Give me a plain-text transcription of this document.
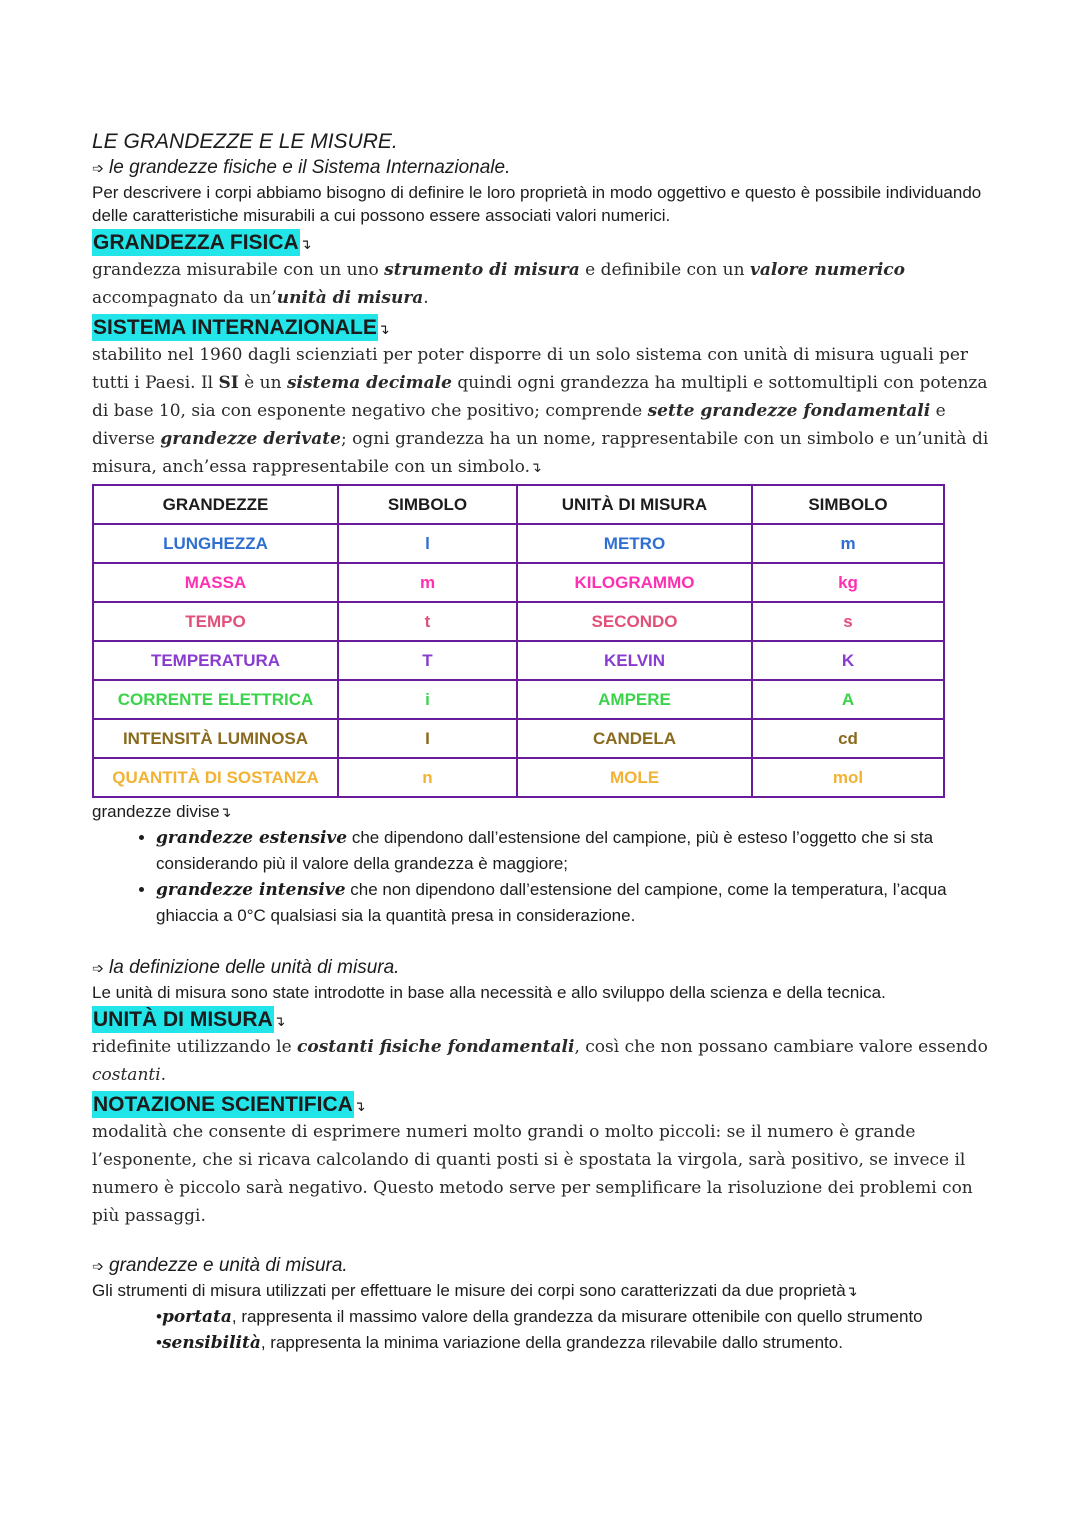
LE GRANDEZZE E LE MISURE.

➩ le grandezze fisiche e il Sistema Internazionale.

Per descrivere i corpi abbiamo bisogno di definire le loro proprietà in modo oggettivo e questo è possibile individuando delle caratteristiche misurabili a cui possono essere associati valori numerici.

GRANDEZZA FISICA↴

grandezza misurabile con un uno strumento di misura e definibile con un valore numerico accompagnato da un’unità di misura.

SISTEMA INTERNAZIONALE↴

stabilito nel 1960 dagli scienziati per poter disporre di un solo sistema con unità di misura uguali per tutti i Paesi. Il SI è un sistema decimale quindi ogni grandezza ha multipli e sottomultipli con potenza di base 10, sia con esponente negativo che positivo; comprende sette grandezze fondamentali e diverse grandezze derivate; ogni grandezza ha un nome, rappresentabile con un simbolo e un’unità di misura, anch’essa rappresentabile con un simbolo.↴

GRANDEZZE	SIMBOLO	UNITÀ DI MISURA	SIMBOLO
LUNGHEZZA	l	METRO	m
MASSA	m	KILOGRAMMO	kg
TEMPO	t	SECONDO	s
TEMPERATURA	T	KELVIN	K
CORRENTE ELETTRICA	i	AMPERE	A
INTENSITÀ LUMINOSA	I	CANDELA	cd
QUANTITÀ DI SOSTANZA	n	MOLE	mol

grandezze divise↴

• grandezze estensive che dipendono dall’estensione del campione, più è esteso l’oggetto che si sta considerando più il valore della grandezza è maggiore;
• grandezze intensive che non dipendono dall’estensione del campione, come la temperatura, l’acqua ghiaccia a 0°C qualsiasi sia la quantità presa in considerazione.

➩ la definizione delle unità di misura.

Le unità di misura sono state introdotte in base alla necessità e allo sviluppo della scienza e della tecnica.

UNITÀ DI MISURA↴

ridefinite utilizzando le costanti fisiche fondamentali, così che non possano cambiare valore essendo costanti.

NOTAZIONE SCIENTIFICA↴

modalità che consente di esprimere numeri molto grandi o molto piccoli: se il numero è grande l’esponente, che si ricava calcolando di quanti posti si è spostata la virgola, sarà positivo, se invece il numero è piccolo sarà negativo. Questo metodo serve per semplificare la risoluzione dei problemi con più passaggi.

➩ grandezze e unità di misura.

Gli strumenti di misura utilizzati per effettuare le misure dei corpi sono caratterizzati da due proprietà↴

•portata, rappresenta il massimo valore della grandezza da misurare ottenibile con quello strumento
•sensibilità, rappresenta la minima variazione della grandezza rilevabile dallo strumento.
